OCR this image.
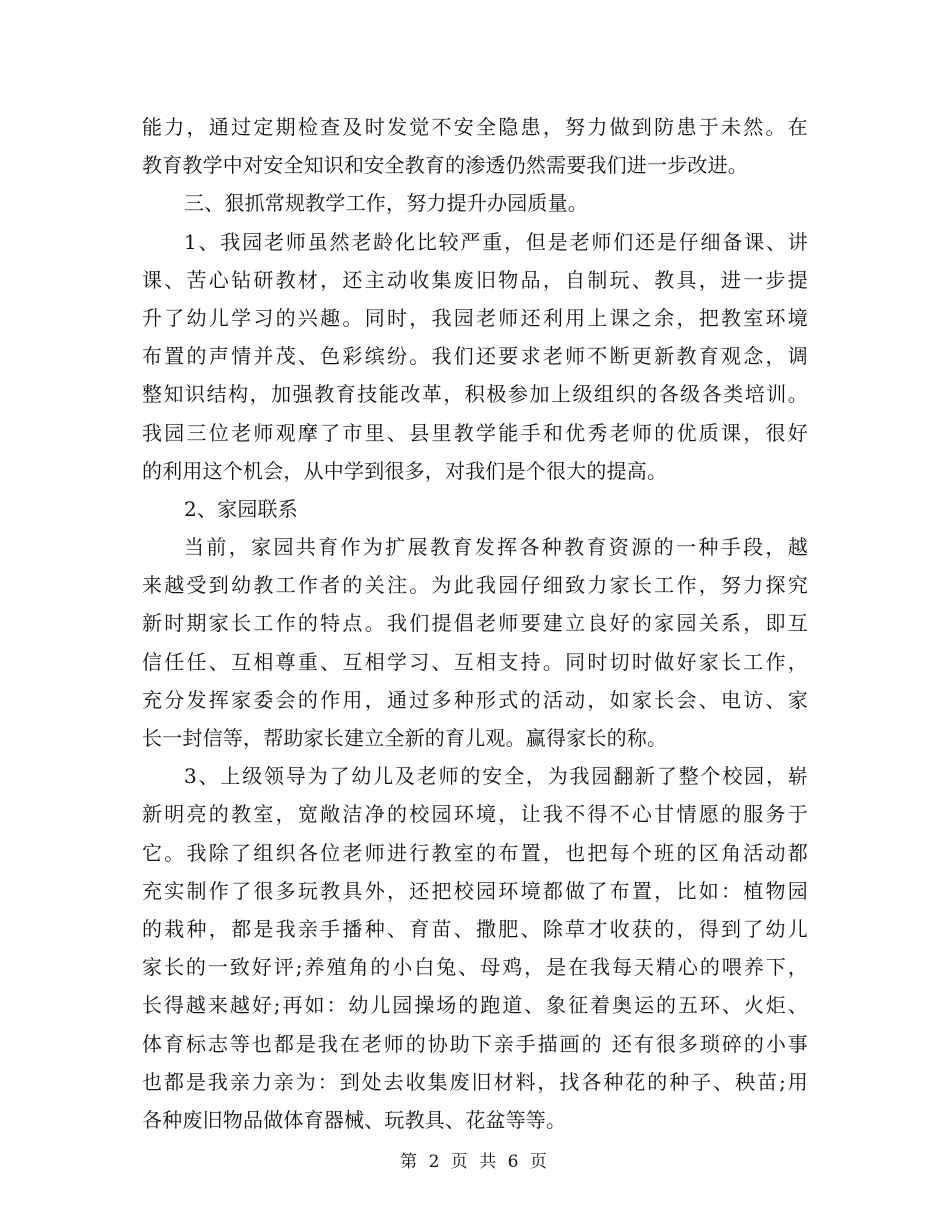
能力，通过定期检查及时发觉不安全隐患，努力做到防患于未然。在
教育教学中对安全知识和安全教育的渗透仍然需要我们进一步改进。
三、狠抓常规教学工作，努力提升办园质量。
1、我园老师虽然老龄化比较严重，但是老师们还是仔细备课、讲
课、苦心钻研教材，还主动收集废旧物品，自制玩、教具，进一步提
升了幼儿学习的兴趣。同时，我园老师还利用上课之余，把教室环境
布置的声情并茂、色彩缤纷。我们还要求老师不断更新教育观念，调
整知识结构，加强教育技能改革，积极参加上级组织的各级各类培训。
我园三位老师观摩了市里、县里教学能手和优秀老师的优质课，很好
的利用这个机会，从中学到很多，对我们是个很大的提高。
2、家园联系
当前，家园共育作为扩展教育发挥各种教育资源的一种手段，越
来越受到幼教工作者的关注。为此我园仔细致力家长工作，努力探究
新时期家长工作的特点。我们提倡老师要建立良好的家园关系，即互
信任任、互相尊重、互相学习、互相支持。同时切时做好家长工作，
充分发挥家委会的作用，通过多种形式的活动，如家长会、电访、家
长一封信等，帮助家长建立全新的育儿观。赢得家长的称。
3、上级领导为了幼儿及老师的安全，为我园翻新了整个校园，崭
新明亮的教室，宽敞洁净的校园环境，让我不得不心甘情愿的服务于
它。我除了组织各位老师进行教室的布置，也把每个班的区角活动都
充实制作了很多玩教具外，还把校园环境都做了布置，比如：植物园
的栽种，都是我亲手播种、育苗、撒肥、除草才收获的，得到了幼儿
家长的一致好评;养殖角的小白兔、母鸡，是在我每天精心的喂养下，
长得越来越好;再如：幼儿园操场的跑道、象征着奥运的五环、火炬、
体育标志等也都是我在老师的协助下亲手描画的 还有很多琐碎的小事
也都是我亲力亲为：到处去收集废旧材料，找各种花的种子、秧苗;用
各种废旧物品做体育器械、玩教具、花盆等等。
第 2 页 共 6 页
